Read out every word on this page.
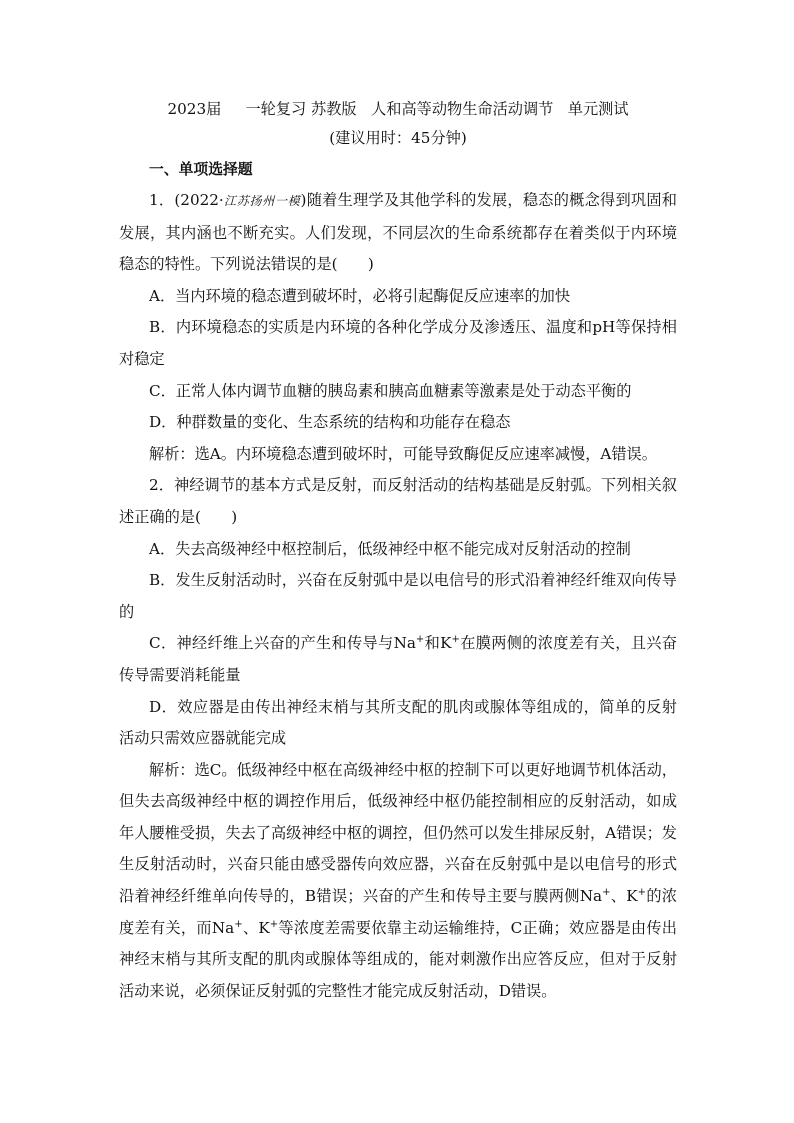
2023届 一轮复习 苏教版 人和高等动物生命活动调节 单元测试
(建议用时：45分钟)
一、单项选择题

1．(2022·江苏扬州一模)随着生理学及其他学科的发展，稳态的概念得到巩固和发展，其内涵也不断充实。人们发现，不同层次的生命系统都存在着类似于内环境稳态的特性。下列说法错误的是(　　)

A．当内环境的稳态遭到破坏时，必将引起酶促反应速率的加快

B．内环境稳态的实质是内环境的各种化学成分及渗透压、温度和pH等保持相对稳定

C．正常人体内调节血糖的胰岛素和胰高血糖素等激素是处于动态平衡的

D．种群数量的变化、生态系统的结构和功能存在稳态

解析：选A。内环境稳态遭到破坏时，可能导致酶促反应速率减慢，A错误。

2．神经调节的基本方式是反射，而反射活动的结构基础是反射弧。下列相关叙述正确的是(　　)

A．失去高级神经中枢控制后，低级神经中枢不能完成对反射活动的控制

B．发生反射活动时，兴奋在反射弧中是以电信号的形式沿着神经纤维双向传导的

C．神经纤维上兴奋的产生和传导与Na+和K+在膜两侧的浓度差有关，且兴奋传导需要消耗能量

D．效应器是由传出神经末梢与其所支配的肌肉或腺体等组成的，简单的反射活动只需效应器就能完成

解析：选C。低级神经中枢在高级神经中枢的控制下可以更好地调节机体活动，但失去高级神经中枢的调控作用后，低级神经中枢仍能控制相应的反射活动，如成年人腰椎受损，失去了高级神经中枢的调控，但仍然可以发生排尿反射，A错误；发生反射活动时，兴奋只能由感受器传向效应器，兴奋在反射弧中是以电信号的形式沿着神经纤维单向传导的，B错误；兴奋的产生和传导主要与膜两侧Na+、K+的浓度差有关，而Na+、K+等浓度差需要依靠主动运输维持，C正确；效应器是由传出神经末梢与其所支配的肌肉或腺体等组成的，能对刺激作出应答反应，但对于反射活动来说，必须保证反射弧的完整性才能完成反射活动，D错误。
